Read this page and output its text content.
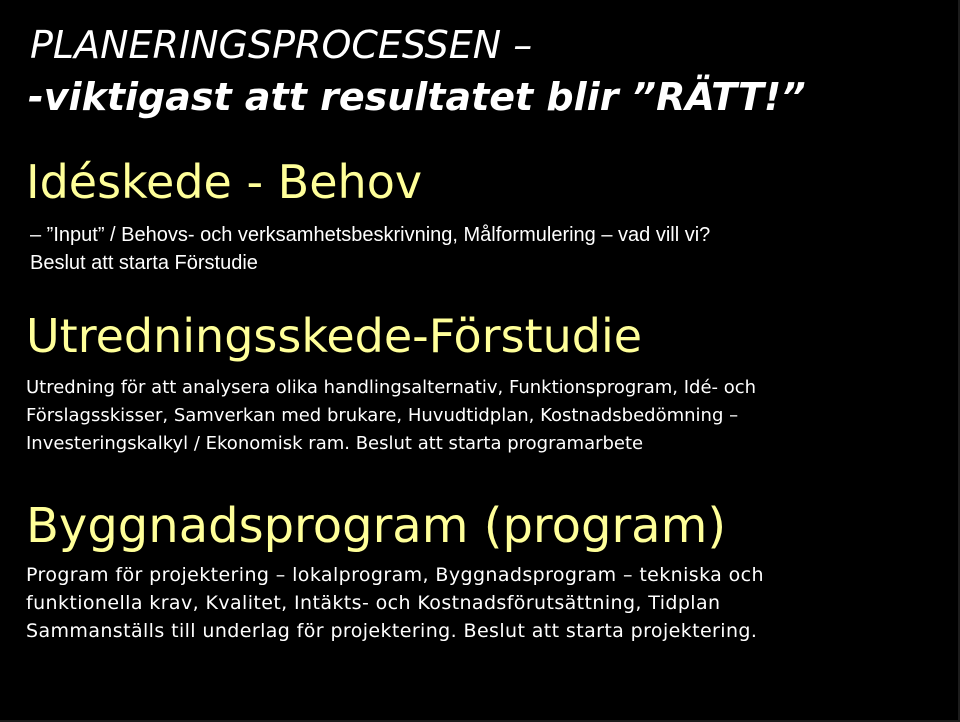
PLANERINGSPROCESSEN –
-viktigast att resultatet blir ”RÄTT!”
Idéskede - Behov
– ”Input” / Behovs- och verksamhetsbeskrivning, Målformulering – vad vill vi?
Beslut att starta Förstudie
Utredningsskede-Förstudie
Utredning för att analysera olika handlingsalternativ, Funktionsprogram, Idé- och
Förslagsskisser, Samverkan med brukare, Huvudtidplan, Kostnadsbedömning –
Investeringskalkyl / Ekonomisk ram. Beslut att starta programarbete
Byggnadsprogram (program)
Program för projektering – lokalprogram, Byggnadsprogram – tekniska och
funktionella krav, Kvalitet, Intäkts- och Kostnadsförutsättning, Tidplan
Sammanställs till underlag för projektering. Beslut att starta projektering.
